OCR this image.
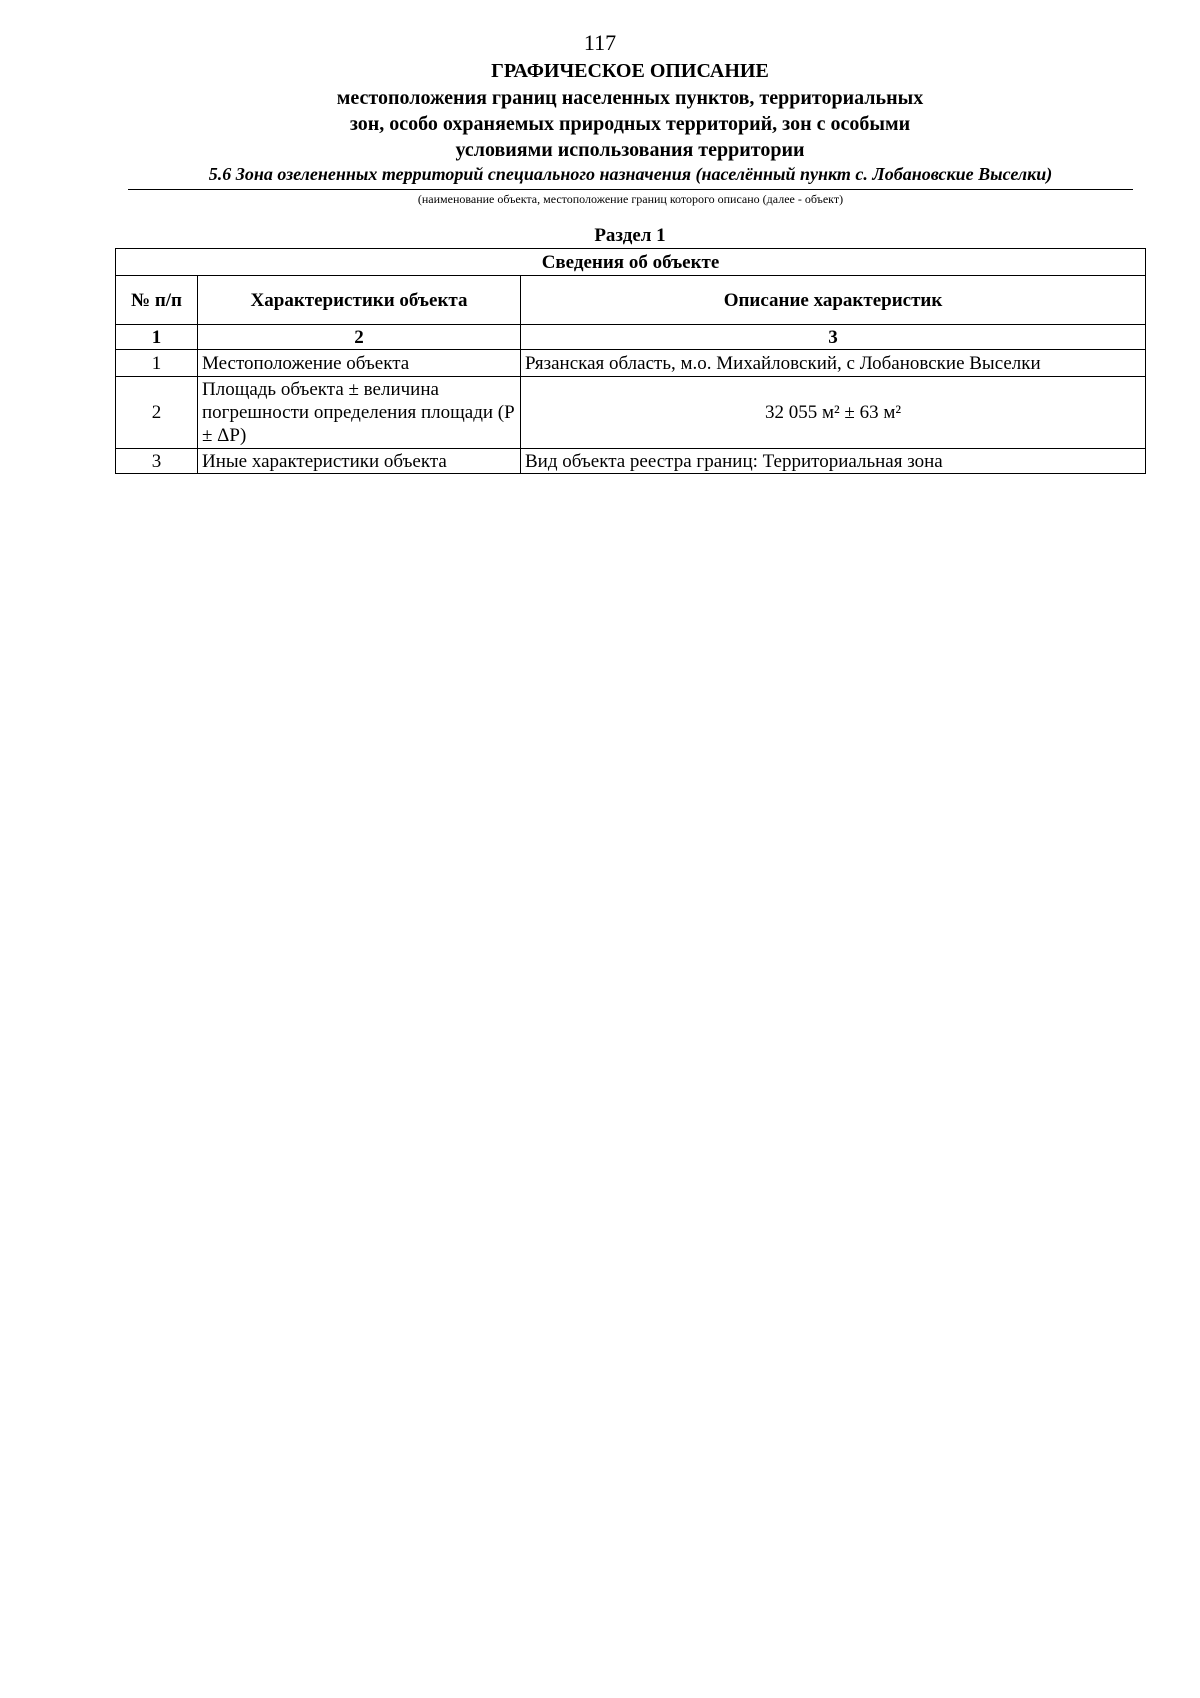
117
ГРАФИЧЕСКОЕ ОПИСАНИЕ
местоположения границ населенных пунктов, территориальных
зон, особо охраняемых природных территорий, зон с особыми
условиями использования территории
5.6 Зона озелененных территорий специального назначения (населённый пункт с. Лобановские Выселки)
(наименование объекта, местоположение границ которого описано (далее - объект)
Раздел 1
Сведения об объекте		
№ п/п	Характеристики объекта	Описание характеристик
1	2	3
1	Местоположение объекта	Рязанская область, м.о. Михайловский, с Лобановские Выселки
2	Площадь объекта ± величина погрешности определения площади (P ± ΔP)	32 055 м² ± 63 м²
3	Иные характеристики объекта	Вид объекта реестра границ: Территориальная зона
